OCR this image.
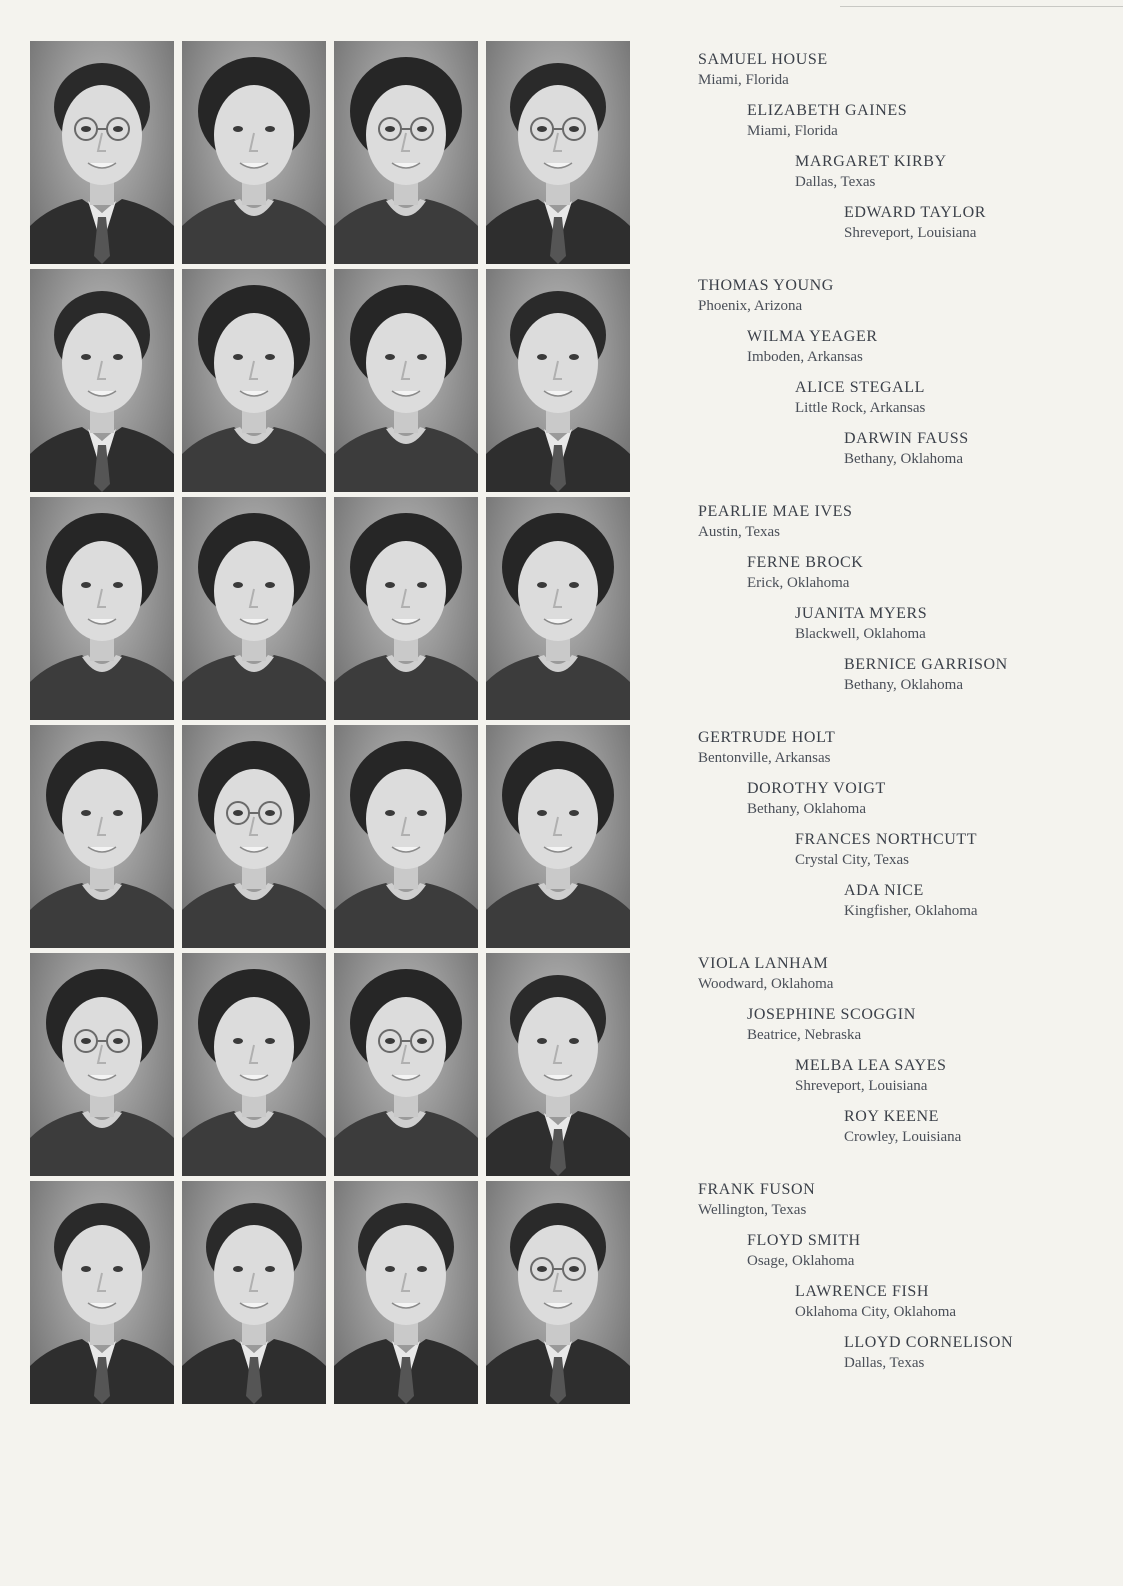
SAMUEL HOUSE
Miami, Florida
ELIZABETH GAINES
Miami, Florida
MARGARET KIRBY
Dallas, Texas
EDWARD TAYLOR
Shreveport, Louisiana
THOMAS YOUNG
Phoenix, Arizona
WILMA YEAGER
Imboden, Arkansas
ALICE STEGALL
Little Rock, Arkansas
DARWIN FAUSS
Bethany, Oklahoma
PEARLIE MAE IVES
Austin, Texas
FERNE BROCK
Erick, Oklahoma
JUANITA MYERS
Blackwell, Oklahoma
BERNICE GARRISON
Bethany, Oklahoma
GERTRUDE HOLT
Bentonville, Arkansas
DOROTHY VOIGT
Bethany, Oklahoma
FRANCES NORTHCUTT
Crystal City, Texas
ADA NICE
Kingfisher, Oklahoma
VIOLA LANHAM
Woodward, Oklahoma
JOSEPHINE SCOGGIN
Beatrice, Nebraska
MELBA LEA SAYES
Shreveport, Louisiana
ROY KEENE
Crowley, Louisiana
FRANK FUSON
Wellington, Texas
FLOYD SMITH
Osage, Oklahoma
LAWRENCE FISH
Oklahoma City, Oklahoma
LLOYD CORNELISON
Dallas, Texas
